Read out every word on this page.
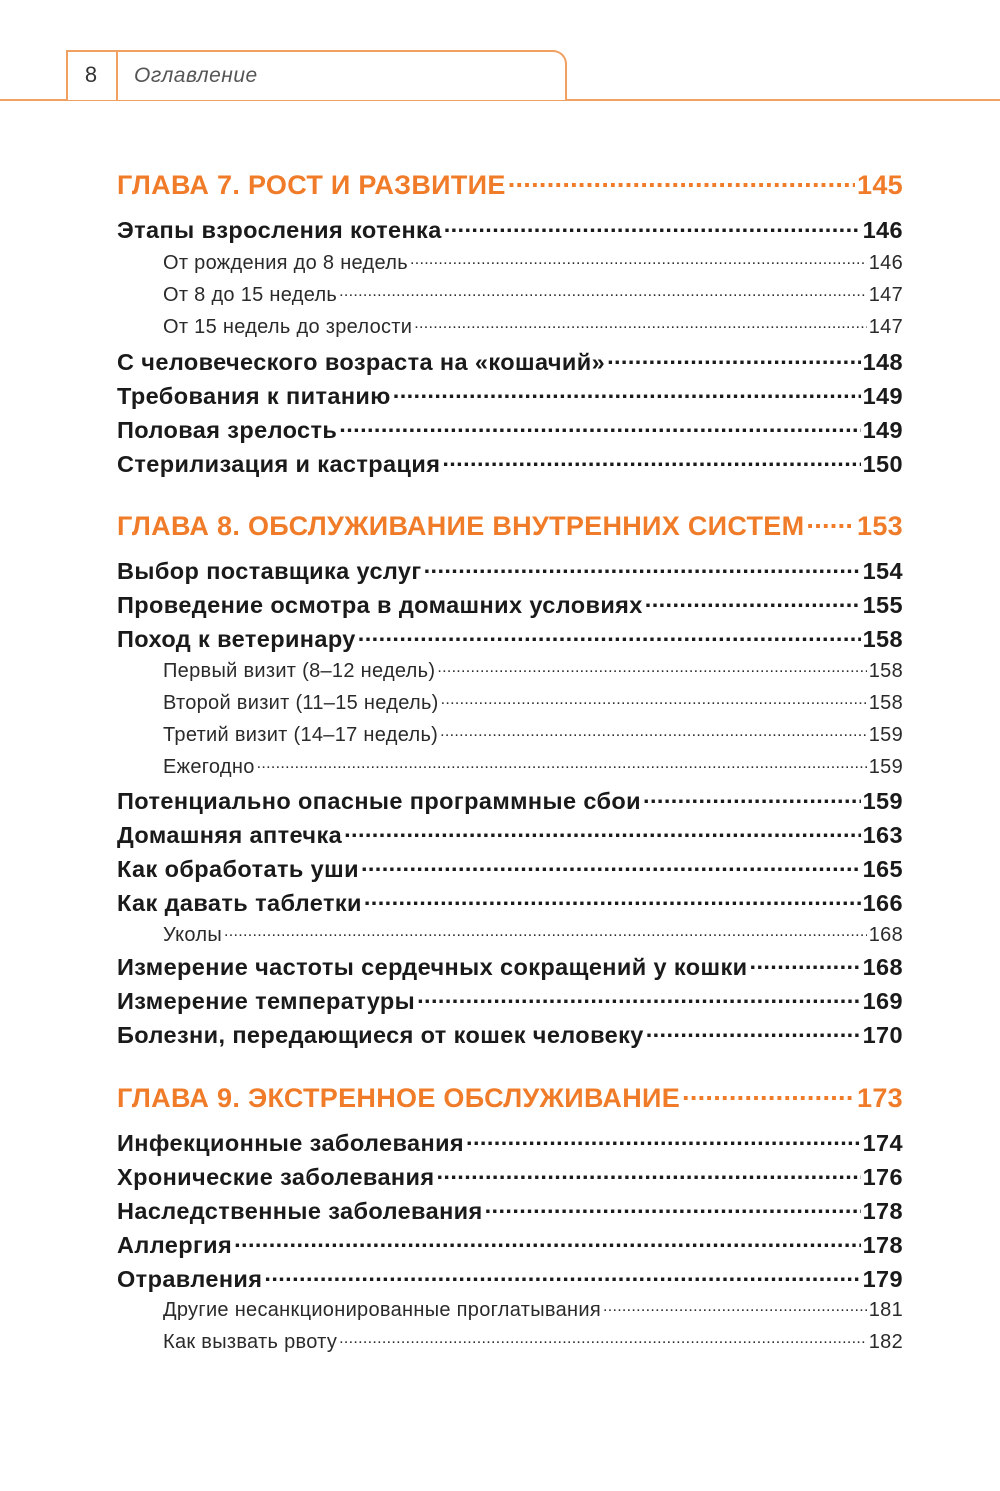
8	Оглавление
ГЛАВА 7. РОСТ И РАЗВИТИЕ .....	145
Этапы взросления котенка .....	146
От рождения до 8 недель .....	146
От 8 до 15 недель .....	147
От 15 недель до зрелости .....	147
С человеческого возраста на «кошачий» .....	148
Требования к питанию .....	149
Половая зрелость .....	149
Стерилизация и кастрация .....	150
ГЛАВА 8. ОБСЛУЖИВАНИЕ ВНУТРЕННИХ СИСТЕМ ..... 153
Выбор поставщика услуг .....	154
Проведение осмотра в домашних условиях .....	155
Поход к ветеринару .....	158
Первый визит (8–12 недель) .....	158
Второй визит (11–15 недель) .....	158
Третий визит (14–17 недель) .....	159
Ежегодно .....	159
Потенциально опасные программные сбои .....	159
Домашняя аптечка .....	163
Как обработать уши .....	165
Как давать таблетки .....	166
Уколы .....	168
Измерение частоты сердечных сокращений у кошки .....	168
Измерение температуры .....	169
Болезни, передающиеся от кошек человеку .....	170
ГЛАВА 9. ЭКСТРЕННОЕ ОБСЛУЖИВАНИЕ .....	173
Инфекционные заболевания .....	174
Хронические заболевания .....	176
Наследственные заболевания .....	178
Аллергия .....	178
Отравления .....	179
Другие несанкционированные проглатывания .....	181
Как вызвать рвоту .....	182
